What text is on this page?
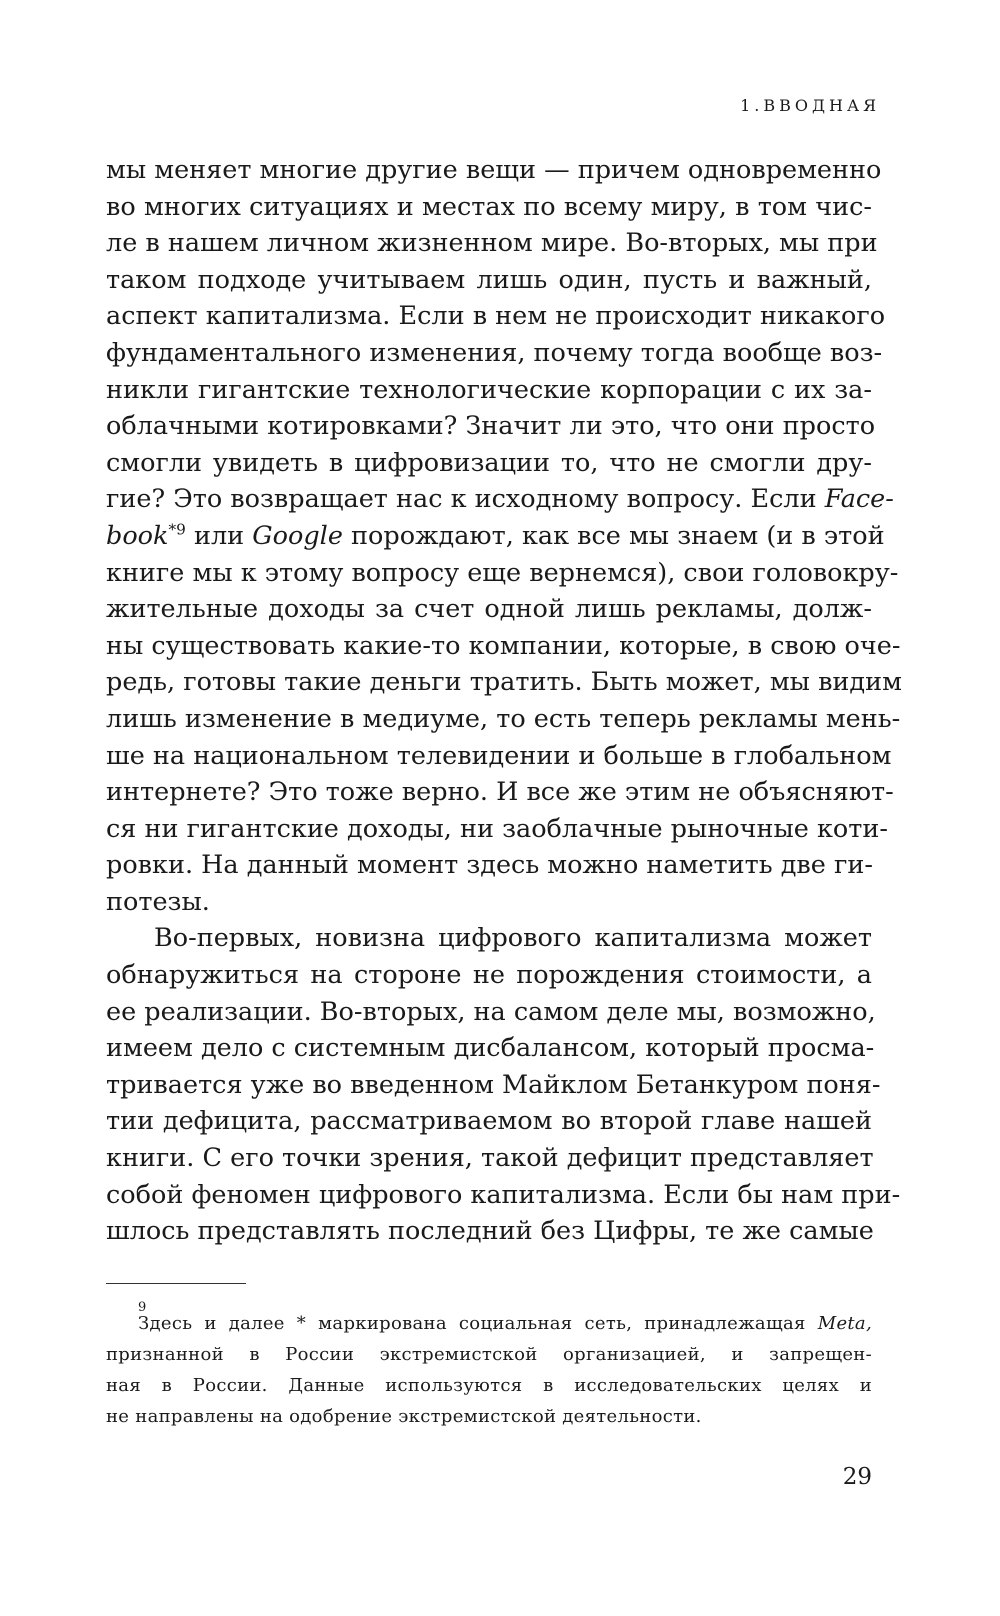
1.ВВОДНАЯ
мы меняет многие другие вещи — причем одновременно
во многих ситуациях и местах по всему миру, в том чис-
ле в нашем личном жизненном мире. Во-вторых, мы при
таком подходе учитываем лишь один, пусть и важный,
аспект капитализма. Если в нем не происходит никакого
фундаментального изменения, почему тогда вообще воз-
никли гигантские технологические корпорации с их за-
облачными котировками? Значит ли это, что они просто
смогли увидеть в цифровизации то, что не смогли дру-
гие? Это возвращает нас к исходному вопросу. Если Face-
book$^{*9}$ или Google порождают, как все мы знаем (и в этой
книге мы к этому вопросу еще вернемся), свои головокру-
жительные доходы за счет одной лишь рекламы, долж-
ны существовать какие-то компании, которые, в свою оче-
редь, готовы такие деньги тратить. Быть может, мы видим
лишь изменение в медиуме, то есть теперь рекламы мень-
ше на национальном телевидении и больше в глобальном
интернете? Это тоже верно. И все же этим не объясняют-
ся ни гигантские доходы, ни заоблачные рыночные коти-
ровки. На данный момент здесь можно наметить две ги-
потезы.
Во-первых, новизна цифрового капитализма может
обнаружиться на стороне не порождения стоимости, а
ее реализации. Во-вторых, на самом деле мы, возможно,
имеем дело с системным дисбалансом, который просма-
тривается уже во введенном Майклом Бетанкуром поня-
тии дефицита, рассматриваемом во второй главе нашей
книги. С его точки зрения, такой дефицит представляет
собой феномен цифрового капитализма. Если бы нам при-
шлось представлять последний без Цифры, те же самые
9
Здесь и далее * маркирована социальная сеть, принадлежащая Meta,
признанной в России экстремистской организацией, и запрещен-
ная в России. Данные используются в исследовательских целях и
не направлены на одобрение экстремистской деятельности.
29
